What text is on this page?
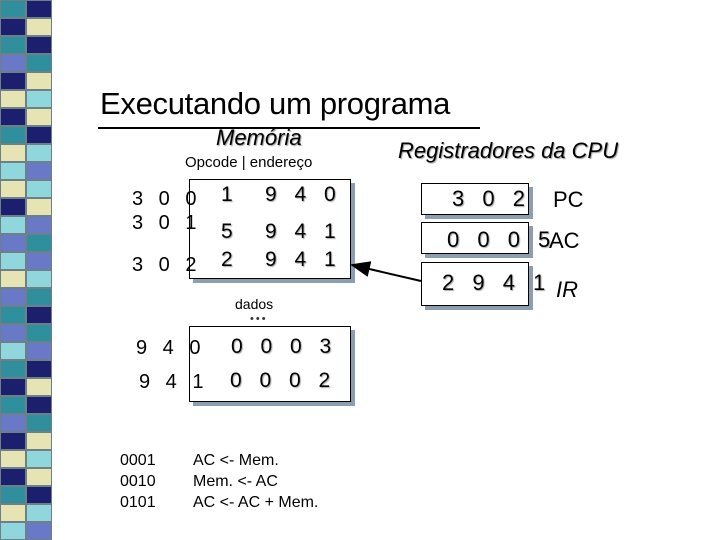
Executando um programa
Memória
Opcode | endereço	Registradores da CPU
3 0 0
3 0 1
3 0 2
1 9 4 0
5 9 4 1
2 9 4 1
dados
•••
9 4 0
9 4 1
0 0 0 3
0 0 0 2
3 0 2 PC
0 0 0 5
AC
2 9 4 1 IR
0001
0010
0101
AC <- Mem.
Mem. <- AC
AC <- AC + Mem.
